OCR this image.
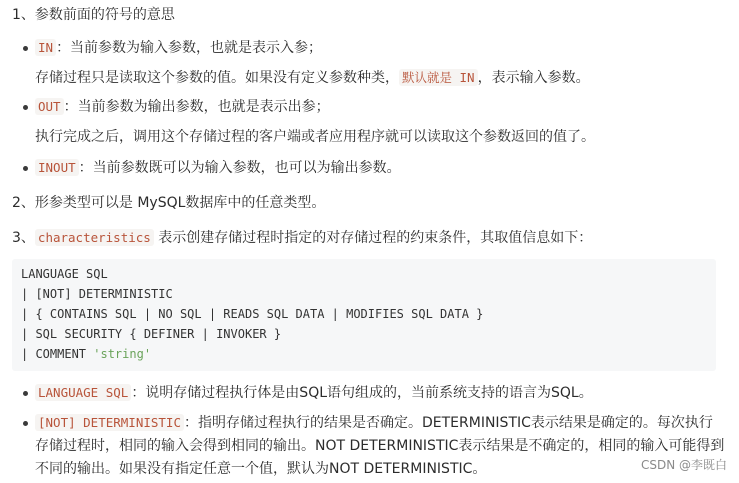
1、参数前面的符号的意思
IN ：当前参数为输入参数，也就是表示入参；
存储过程只是读取这个参数的值。如果没有定义参数种类， 默认就是 IN ，表示输入参数。
OUT ：当前参数为输出参数，也就是表示出参；
执行完成之后，调用这个存储过程的客户端或者应用程序就可以读取这个参数返回的值了。
INOUT ：当前参数既可以为输入参数，也可以为输出参数。
2、形参类型可以是 MySQL数据库中的任意类型。
3、 characteristics 表示创建存储过程时指定的对存储过程的约束条件，其取值信息如下：
LANGUAGE SQL
| [NOT] DETERMINISTIC
| { CONTAINS SQL | NO SQL | READS SQL DATA | MODIFIES SQL DATA }
| SQL SECURITY { DEFINER | INVOKER }
| COMMENT 'string'
LANGUAGE SQL ：说明存储过程执行体是由SQL语句组成的，当前系统支持的语言为SQL。
[NOT] DETERMINISTIC ：指明存储过程执行的结果是否确定。DETERMINISTIC表示结果是确定的。每次执行
存储过程时，相同的输入会得到相同的输出。NOT DETERMINISTIC表示结果是不确定的，相同的输入可能得到
不同的输出。如果没有指定任意一个值，默认为NOT DETERMINISTIC。	CSDN @李既白
